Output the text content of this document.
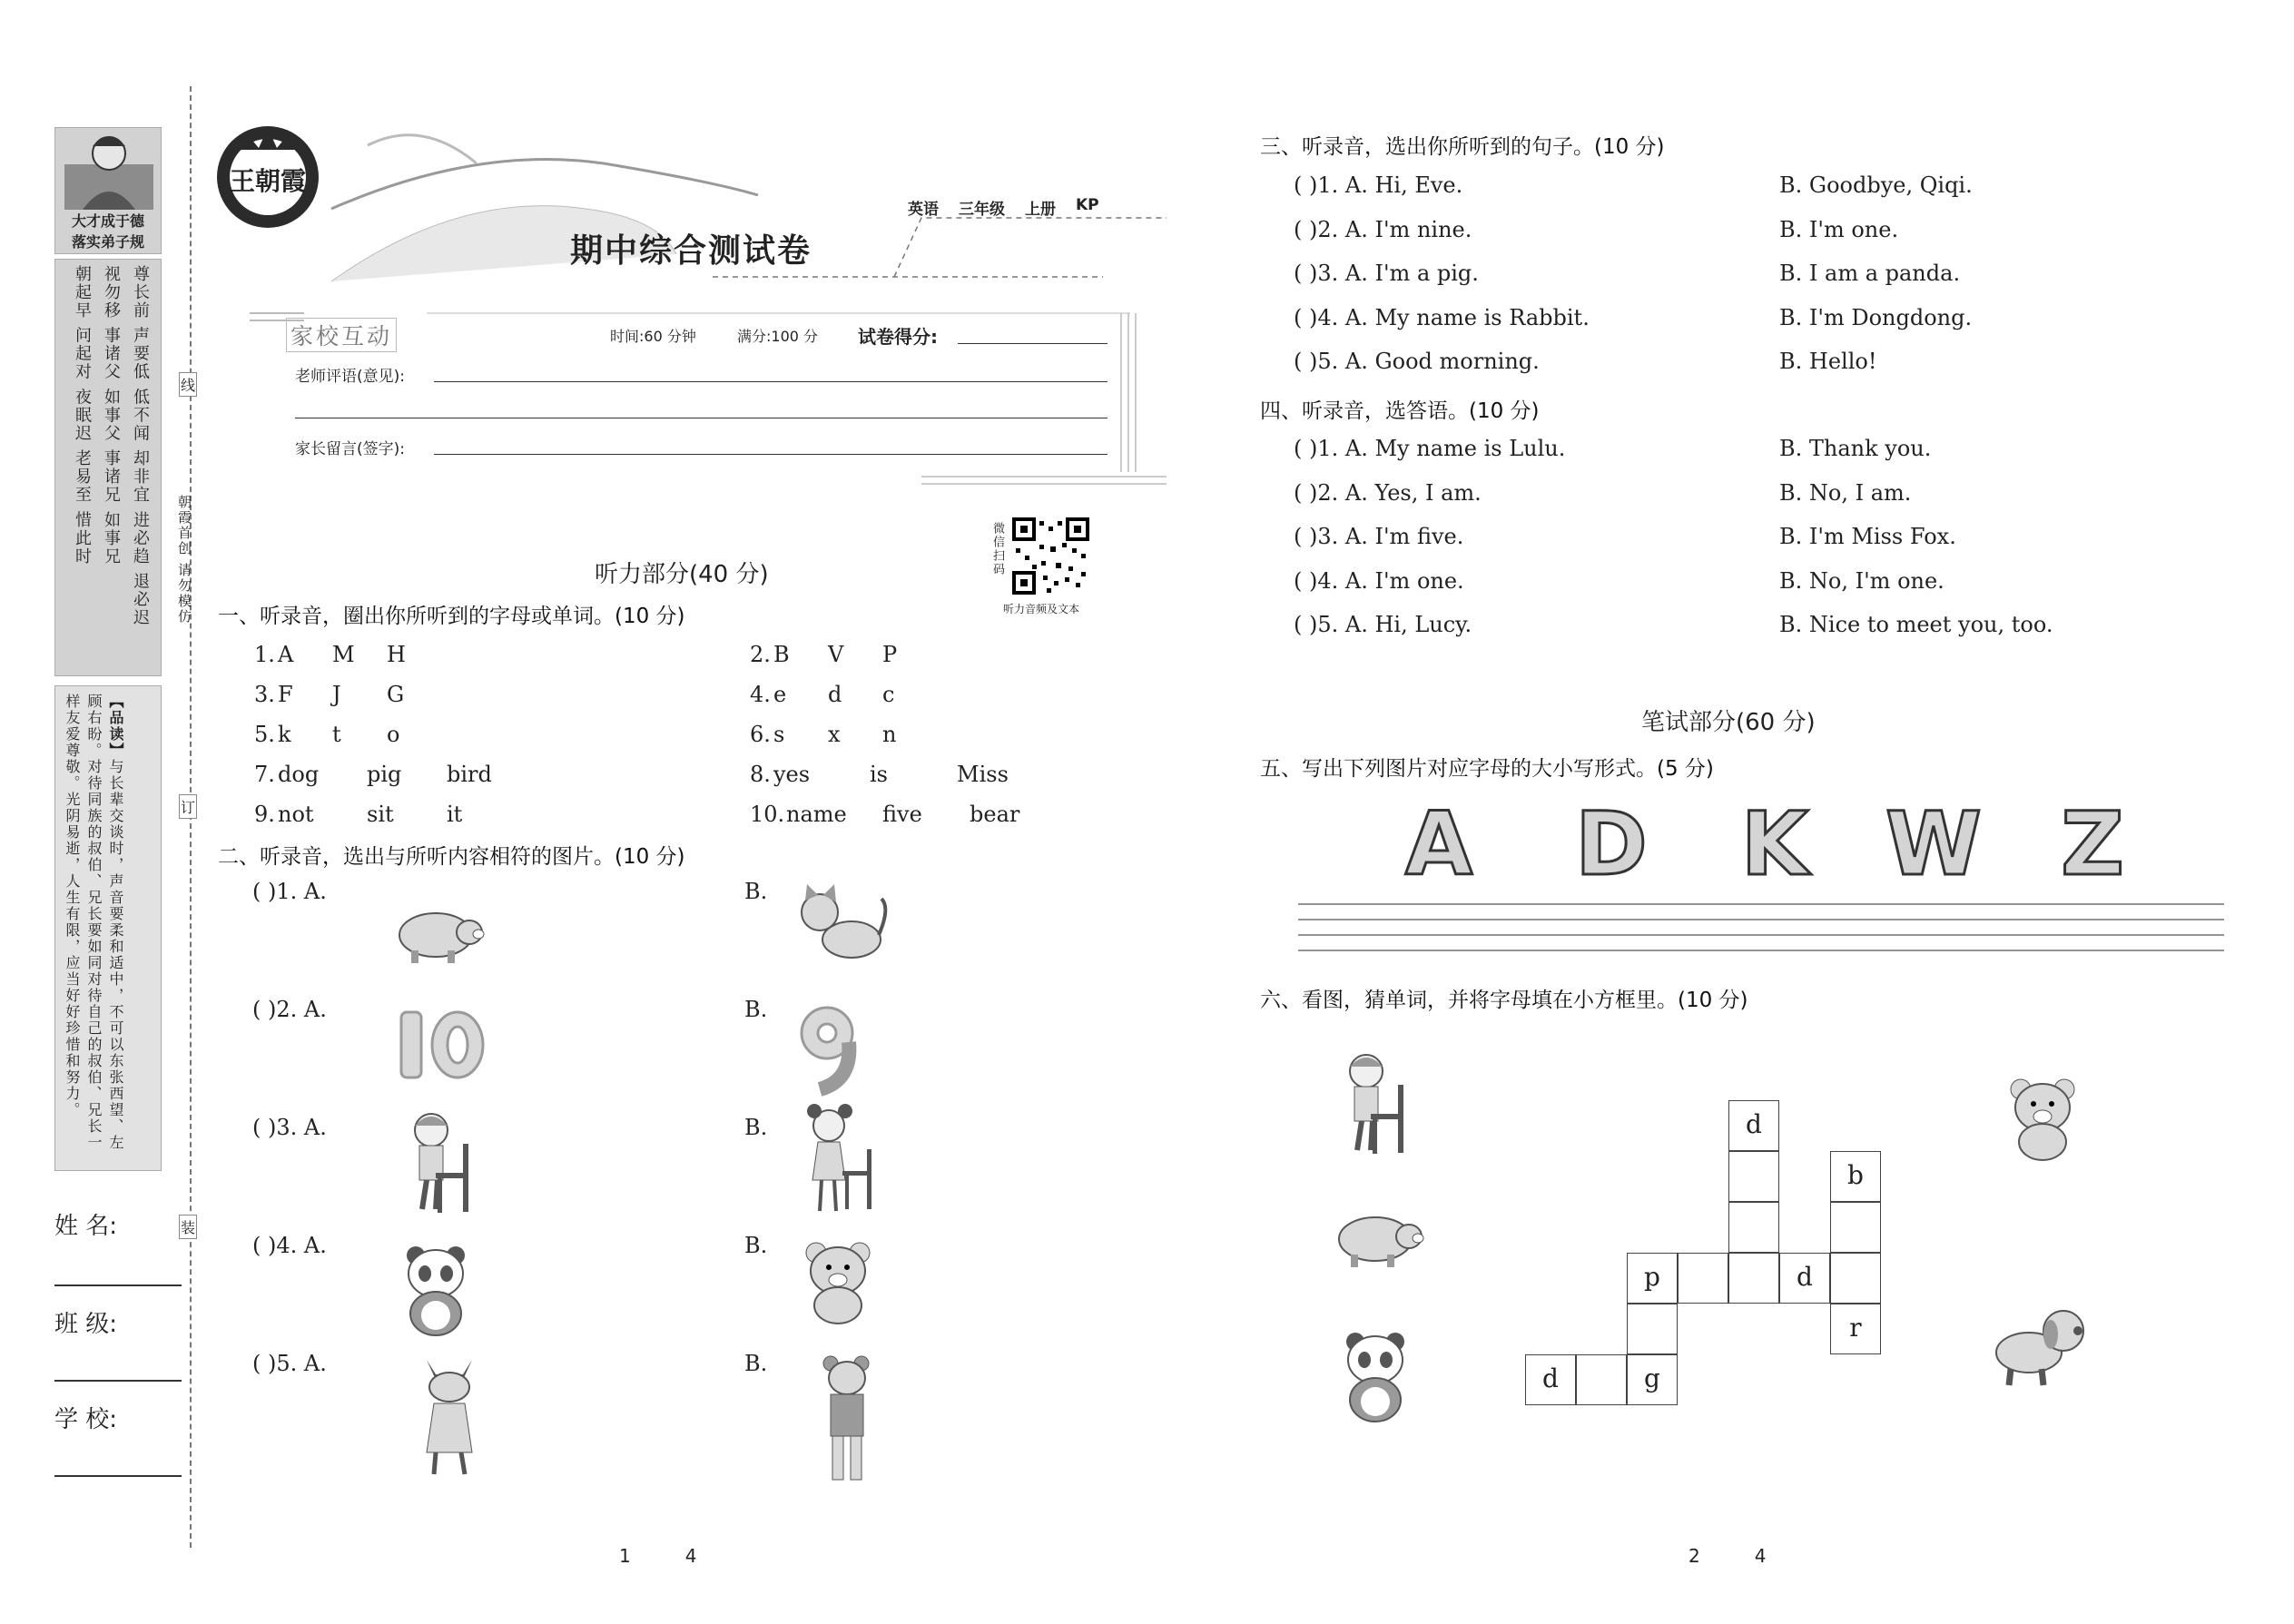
大才成于德
落实弟子规
尊长前 声要低 低不闻 却非宜 进必趋 退必迟
视勿移 事诸父 如事父 事诸兄 如事兄
朝起早 问起对 夜眠迟 老易至 惜此时
【品读】与长辈交谈时，声音要柔和适中，不可以东张西望、左顾右盼。对待同族的叔伯、兄长要如同对待自己的叔伯、兄长一样友爱尊敬。光阴易逝，人生有限，应当好好珍惜和努力。
姓 名:
班 级:
学 校:
线
订
装
朝霞首创 请勿模仿
王朝霞
英语 三年级 上册 KP
期中综合测试卷
家校互动	时间:60 分钟	满分:100 分 试卷得分:
老师评语(意见):
家长留言(签字):
微信扫码
听力音频及文本
听力部分(40 分)
一、听录音，圈出你所听到的字母或单词。(10 分)
1. A M H	2. B V P
3. F J G	4. e d c
5. k t o	6. s x n
7. dog pig bird	8. yes	is	Miss
9. not sit it	10. name five bear
二、听录音，选出与所听内容相符的图片。(10 分)
( )1. A.	B.
( )2. A.	B.
( )3. A.	B.
( )4. A.	B.
( )5. A.	B.
1　　　4
三、听录音，选出你所听到的句子。(10 分)
( )1. A. Hi, Eve.	B. Goodbye, Qiqi.
( )2. A. I'm nine.	B. I'm one.
( )3. A. I'm a pig.	B. I am a panda.
( )4. A. My name is Rabbit.	B. I'm Dongdong.
( )5. A. Good morning.	B. Hello!
四、听录音，选答语。(10 分)
( )1. A. My name is Lulu.	B. Thank you.
( )2. A. Yes, I am.	B. No, I am.
( )3. A. I'm five.	B. I'm Miss Fox.
( )4. A. I'm one.	B. No, I'm one.
( )5. A. Hi, Lucy.	B. Nice to meet you, too.
笔试部分(60 分)
五、写出下列图片对应字母的大小写形式。(5 分)
A D K W Z
六、看图，猜单词，并将字母填在小方框里。(10 分)
d
b
r
p	d
g
d
2　　　4
